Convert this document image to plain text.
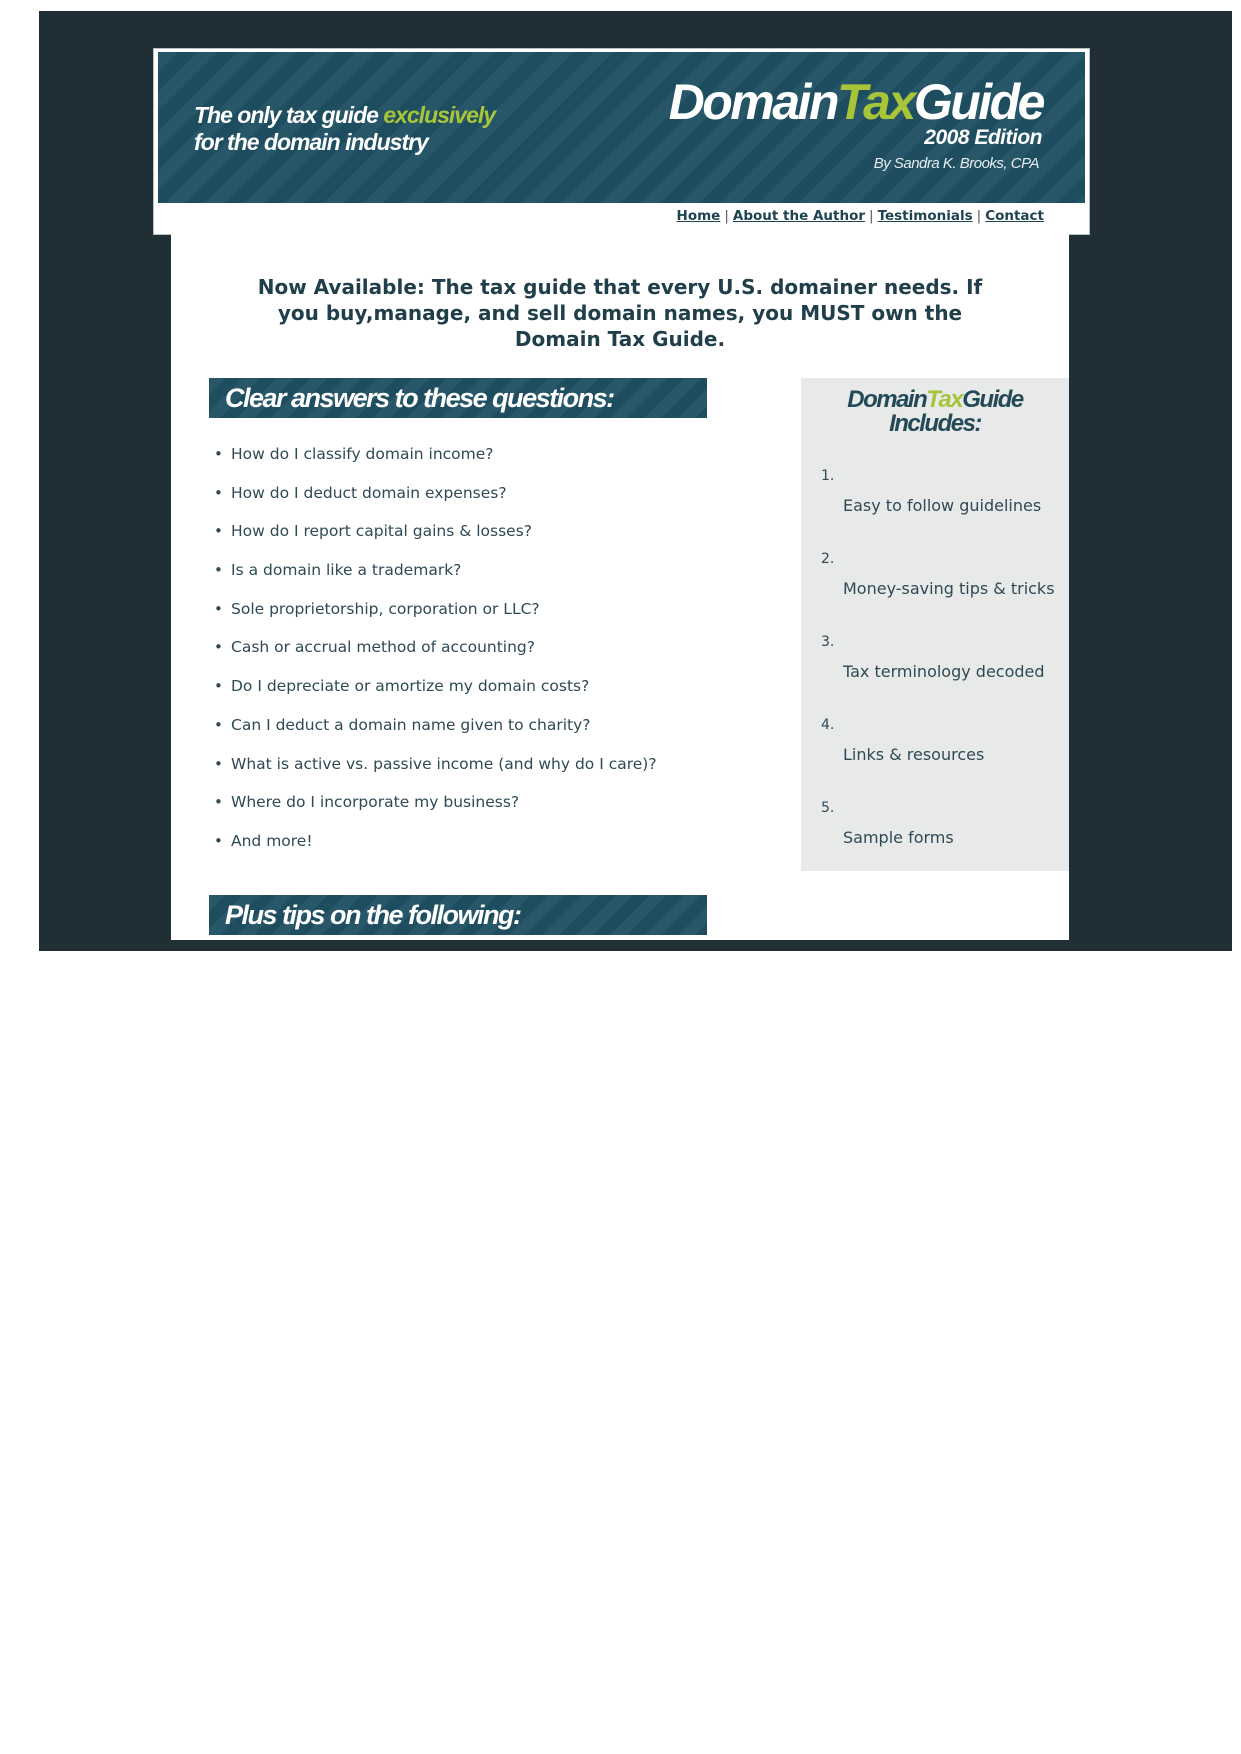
The only tax guide exclusively
for the domain industry
DomainTaxGuide
2008 Edition
By Sandra K. Brooks, CPA
Home | About the Author | Testimonials | Contact
Now Available: The tax guide that every U.S. domainer needs. If you buy,manage, and sell domain names, you MUST own the Domain Tax Guide.
Clear answers to these questions:
• How do I classify domain income?
• How do I deduct domain expenses?
• How do I report capital gains & losses?
• Is a domain like a trademark?
• Sole proprietorship, corporation or LLC?
• Cash or accrual method of accounting?
• Do I depreciate or amortize my domain costs?
• Can I deduct a domain name given to charity?
• What is active vs. passive income (and why do I care)?
• Where do I incorporate my business?
• And more!
Plus tips on the following:
DomainTaxGuide
Includes:
1.
Easy to follow guidelines
2.
Money-saving tips & tricks
3.
Tax terminology decoded
4.
Links & resources
5.
Sample forms
